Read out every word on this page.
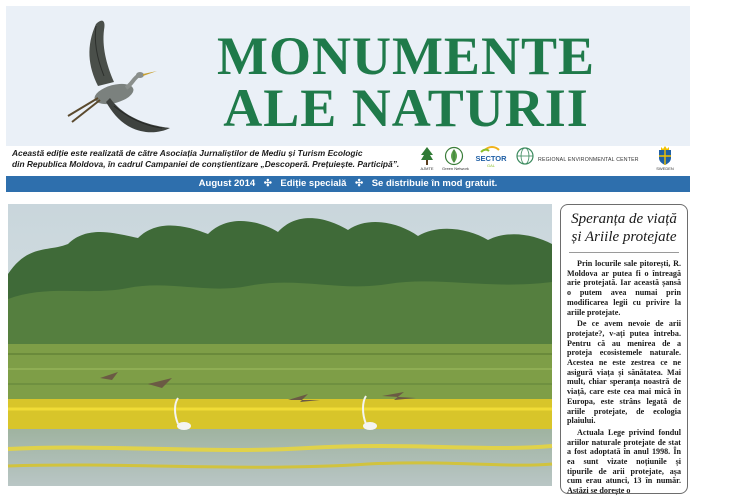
MONUMENTE
ALE NATURII
Această ediție este realizată de către Asociația Jurnaliștilor de Mediu și Turism Ecologic
din Republica Moldova, în cadrul Campaniei de conștientizare „Descoperă. Prețuiește. Participă”.	AJMTE	Green Network
SECTOR
GAL
REGIONAL ENVIRONMENTAL CENTER
SWEDEN
August 2014 ✣ Ediție specială ✣ Se distribuie în mod gratuit.
Speranța de viață și Ariile protejate

Prin locurile sale pitorești, R. Moldova ar putea fi o întreagă arie protejată. Iar această șansă o putem avea numai prin modificarea legii cu privire la ariile protejate.

De ce avem nevoie de arii protejate?, v-ați putea întreba. Pentru că au menirea de a proteja ecosistemele naturale. Acestea ne este zestrea ce ne asigură viața și sănătatea. Mai mult, chiar speranța noastră de viață, care este cea mai mică în Europa, este strâns legată de ariile protejate, de ecologia plaiului.

Actuala Lege privind fondul ariilor naturale protejate de stat a fost adoptată în anul 1998. În ea sunt vizate noțiunile și tipurile de arii protejate, așa cum erau atunci, 13 în număr. Astăzi se dorește o
